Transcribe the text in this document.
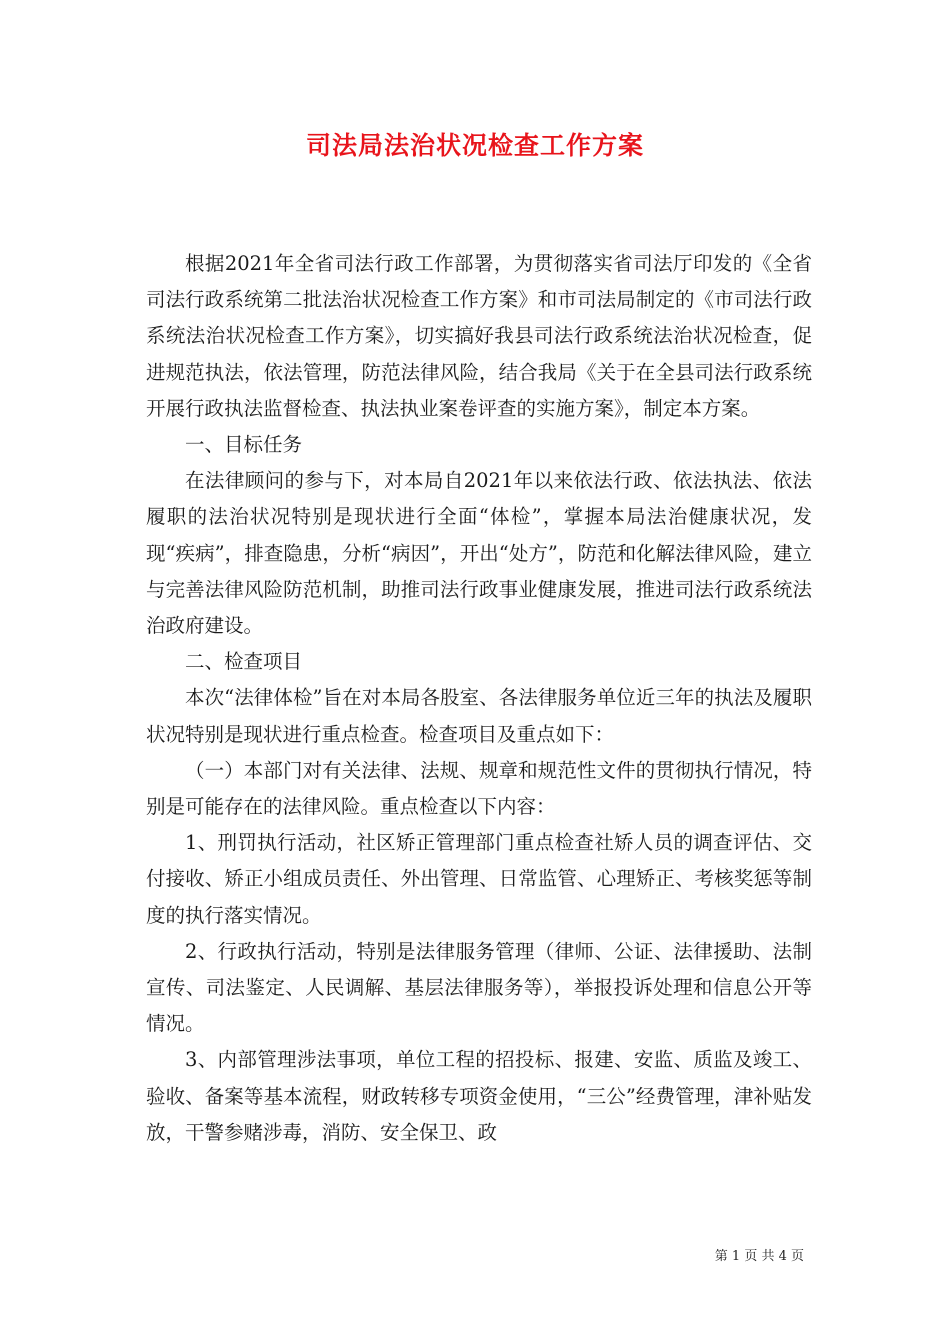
司法局法治状况检查工作方案

根据2021年全省司法行政工作部署，为贯彻落实省司法厅印发的《全省司法行政系统第二批法治状况检查工作方案》和市司法局制定的《市司法行政系统法治状况检查工作方案》，切实搞好我县司法行政系统法治状况检查，促进规范执法，依法管理，防范法律风险，结合我局《关于在全县司法行政系统开展行政执法监督检查、执法执业案卷评查的实施方案》，制定本方案。

一、目标任务

在法律顾问的参与下，对本局自2021年以来依法行政、依法执法、依法履职的法治状况特别是现状进行全面“体检”，掌握本局法治健康状况，发现“疾病”，排查隐患，分析“病因”，开出“处方”，防范和化解法律风险，建立与完善法律风险防范机制，助推司法行政事业健康发展，推进司法行政系统法治政府建设。

二、检查项目

本次“法律体检”旨在对本局各股室、各法律服务单位近三年的执法及履职状况特别是现状进行重点检查。检查项目及重点如下：

（一）本部门对有关法律、法规、规章和规范性文件的贯彻执行情况，特别是可能存在的法律风险。重点检查以下内容：

1、刑罚执行活动，社区矫正管理部门重点检查社矫人员的调查评估、交付接收、矫正小组成员责任、外出管理、日常监管、心理矫正、考核奖惩等制度的执行落实情况。

2、行政执行活动，特别是法律服务管理（律师、公证、法律援助、法制宣传、司法鉴定、人民调解、基层法律服务等），举报投诉处理和信息公开等情况。

3、内部管理涉法事项，单位工程的招投标、报建、安监、质监及竣工、验收、备案等基本流程，财政转移专项资金使用，“三公”经费管理，津补贴发放，干警参赌涉毒，消防、安全保卫、政

第 1 页 共 4 页
